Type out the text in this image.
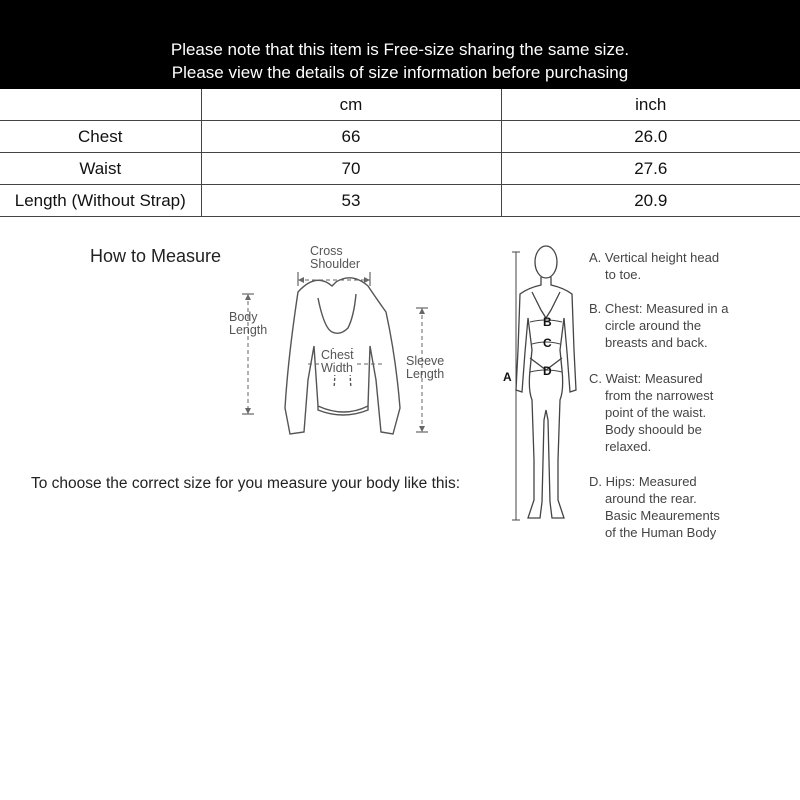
Please note that this item is Free-size sharing the same size.
Please view the details of size information before purchasing
	cm	inch
Chest	66	26.0
Waist	70	27.6
Length (Without Strap)	53	20.9
How to Measure	Cross
Shoulder
Body
Length
Chest
Width	Sleeve
Length
To choose the correct size for you measure your body like this:
A
B
C
D
A. Vertical height head
to toe.
B. Chest: Measured in a
circle around the
breasts and back.
C. Waist: Measured
from the narrowest
point of the waist.
Body shoould be
relaxed.
D. Hips: Measured
around the rear.
Basic Meaurements
of the Human Body
